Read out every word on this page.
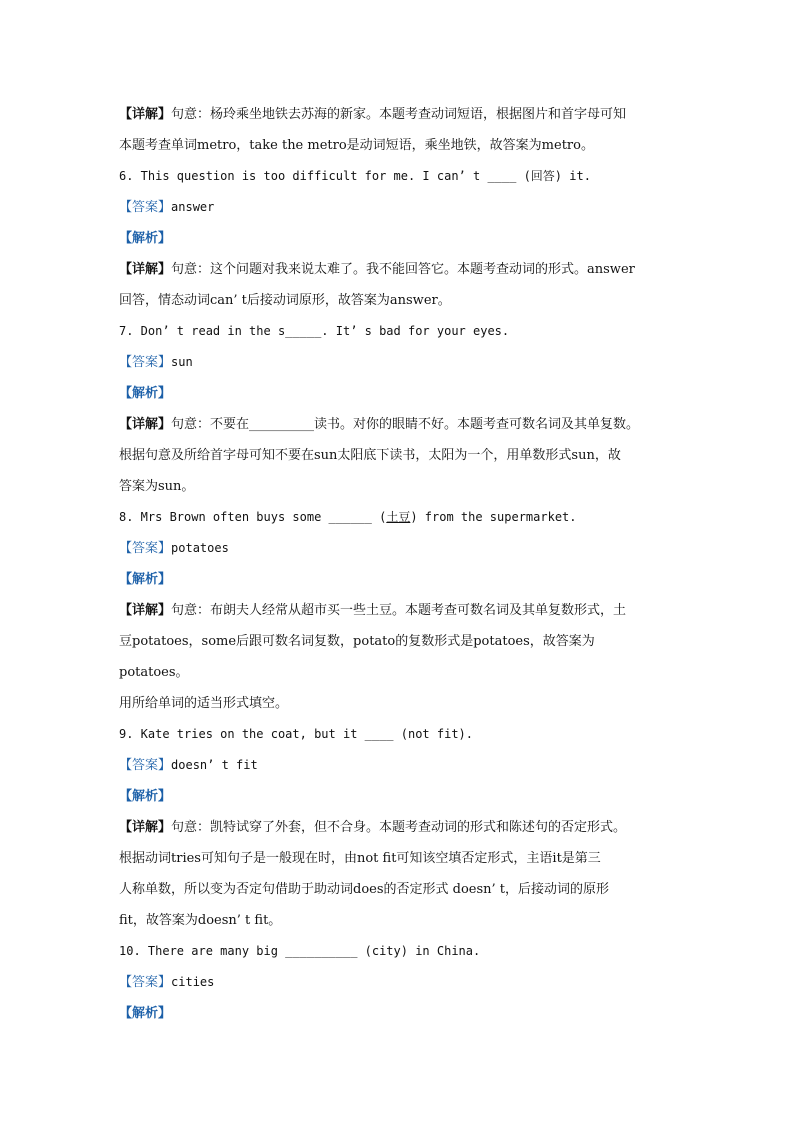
【详解】句意：杨玲乘坐地铁去苏海的新家。本题考查动词短语，根据图片和首字母可知
本题考查单词metro，take the metro是动词短语，乘坐地铁，故答案为metro。
6. This question is too difficult for me. I can’ t ____ (回答) it.
【答案】answer
【解析】
【详解】句意：这个问题对我来说太难了。我不能回答它。本题考查动词的形式。answer
回答，情态动词can’ t后接动词原形，故答案为answer。
7. Don’ t read in the s_____. It’ s bad for your eyes.
【答案】sun
【解析】
【详解】句意：不要在__________读书。对你的眼睛不好。本题考查可数名词及其单复数。
根据句意及所给首字母可知不要在sun太阳底下读书，太阳为一个，用单数形式sun，故
答案为sun。
8. Mrs Brown often buys some ______ (土豆) from the supermarket.
【答案】potatoes
【解析】
【详解】句意：布朗夫人经常从超市买一些土豆。本题考查可数名词及其单复数形式，土
豆potatoes，some后跟可数名词复数，potato的复数形式是potatoes，故答案为
potatoes。
用所给单词的适当形式填空。
9. Kate tries on the coat, but it ____ (not fit).
【答案】doesn’ t fit
【解析】
【详解】句意：凯特试穿了外套，但不合身。本题考查动词的形式和陈述句的否定形式。
根据动词tries可知句子是一般现在时，由not fit可知该空填否定形式，主语it是第三
人称单数，所以变为否定句借助于助动词does的否定形式 doesn’ t，后接动词的原形
fit，故答案为doesn’ t fit。
10. There are many big __________ (city) in China.
【答案】cities
【解析】
